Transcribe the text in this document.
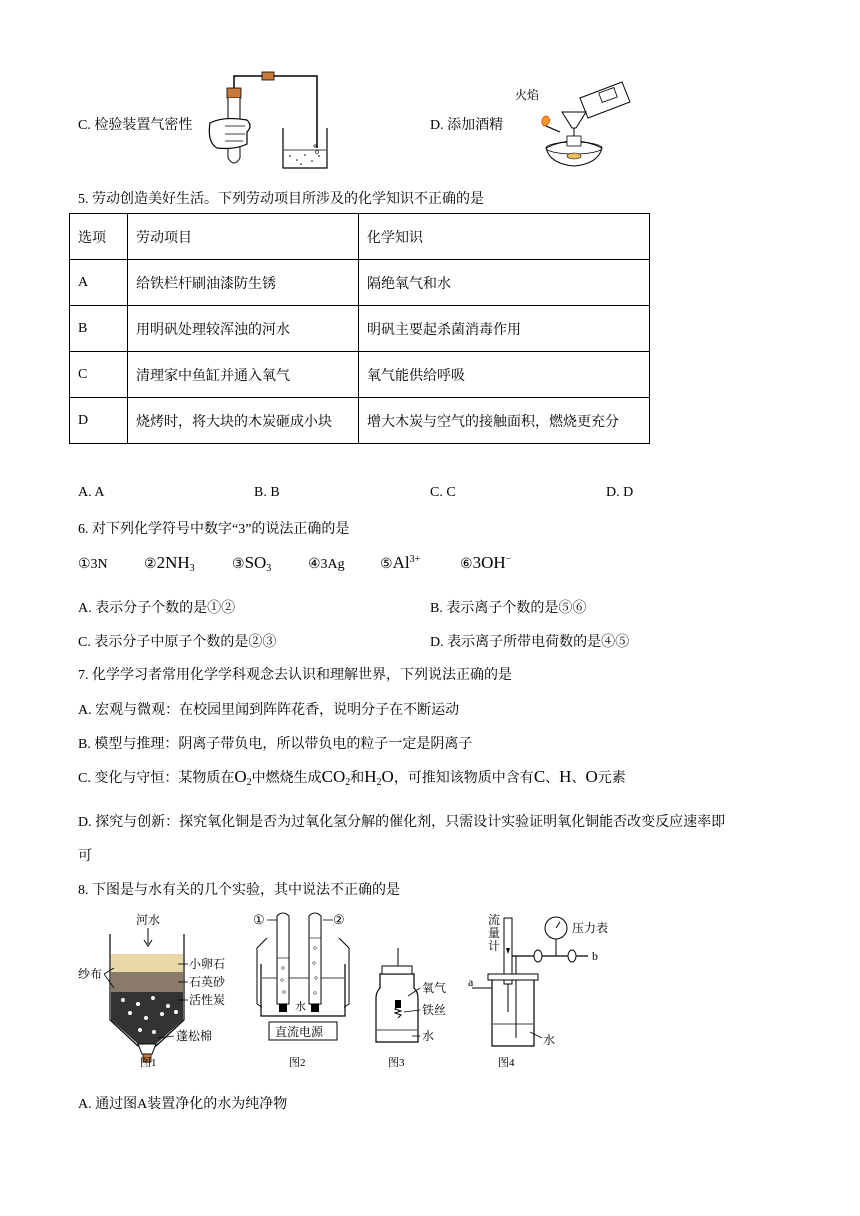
C. 检验装置气密性	D. 添加酒精
火焰
5. 劳动创造美好生活。下列劳动项目所涉及的化学知识不正确的是
选项	劳动项目	化学知识
A	给铁栏杆刷油漆防生锈	隔绝氧气和水
B	用明矾处理较浑浊的河水	明矾主要起杀菌消毒作用
C	清理家中鱼缸并通入氧气	氧气能供给呼吸
D	烧烤时，将大块的木炭砸成小块	增大木炭与空气的接触面积，燃烧更充分
A. A	B. B	C. C	D. D
6. 对下列化学符号中数字“3”的说法正确的是
①3N	$②2NH_3$	$③SO_3$	④3Ag	$⑤Al^{3+}$	⑥3OH−
A. 表示分子个数的是①②	B. 表示离子个数的是⑤⑥
C. 表示分子中原子个数的是②③	D. 表示离子所带电荷数的是④⑤
7. 化学学习者常用化学学科观念去认识和理解世界，下列说法正确的是
A. 宏观与微观：在校园里闻到阵阵花香，说明分子在不断运动
B. 模型与推理：阴离子带负电，所以带负电的粒子一定是阴离子
C. 变化与守恒：某物质在$O_2$中燃烧生成$CO_2$和$H_2O$，可推知该物质中含有C、H、O元素
D. 探究与创新：探究氧化铜是否为过氧化氢分解的催化剂，只需设计实验证明氧化铜能否改变反应速率即
可
8. 下图是与水有关的几个实验，其中说法不正确的是
河水
纱布
小卵石
石英砂
活性炭
蓬松棉
图1
①	②
水
直流电源
图2
氧气
铁丝
水
图3
流
量
计
流量计
压力表
b
a
水
图4
A. 通过图A装置净化的水为纯净物
